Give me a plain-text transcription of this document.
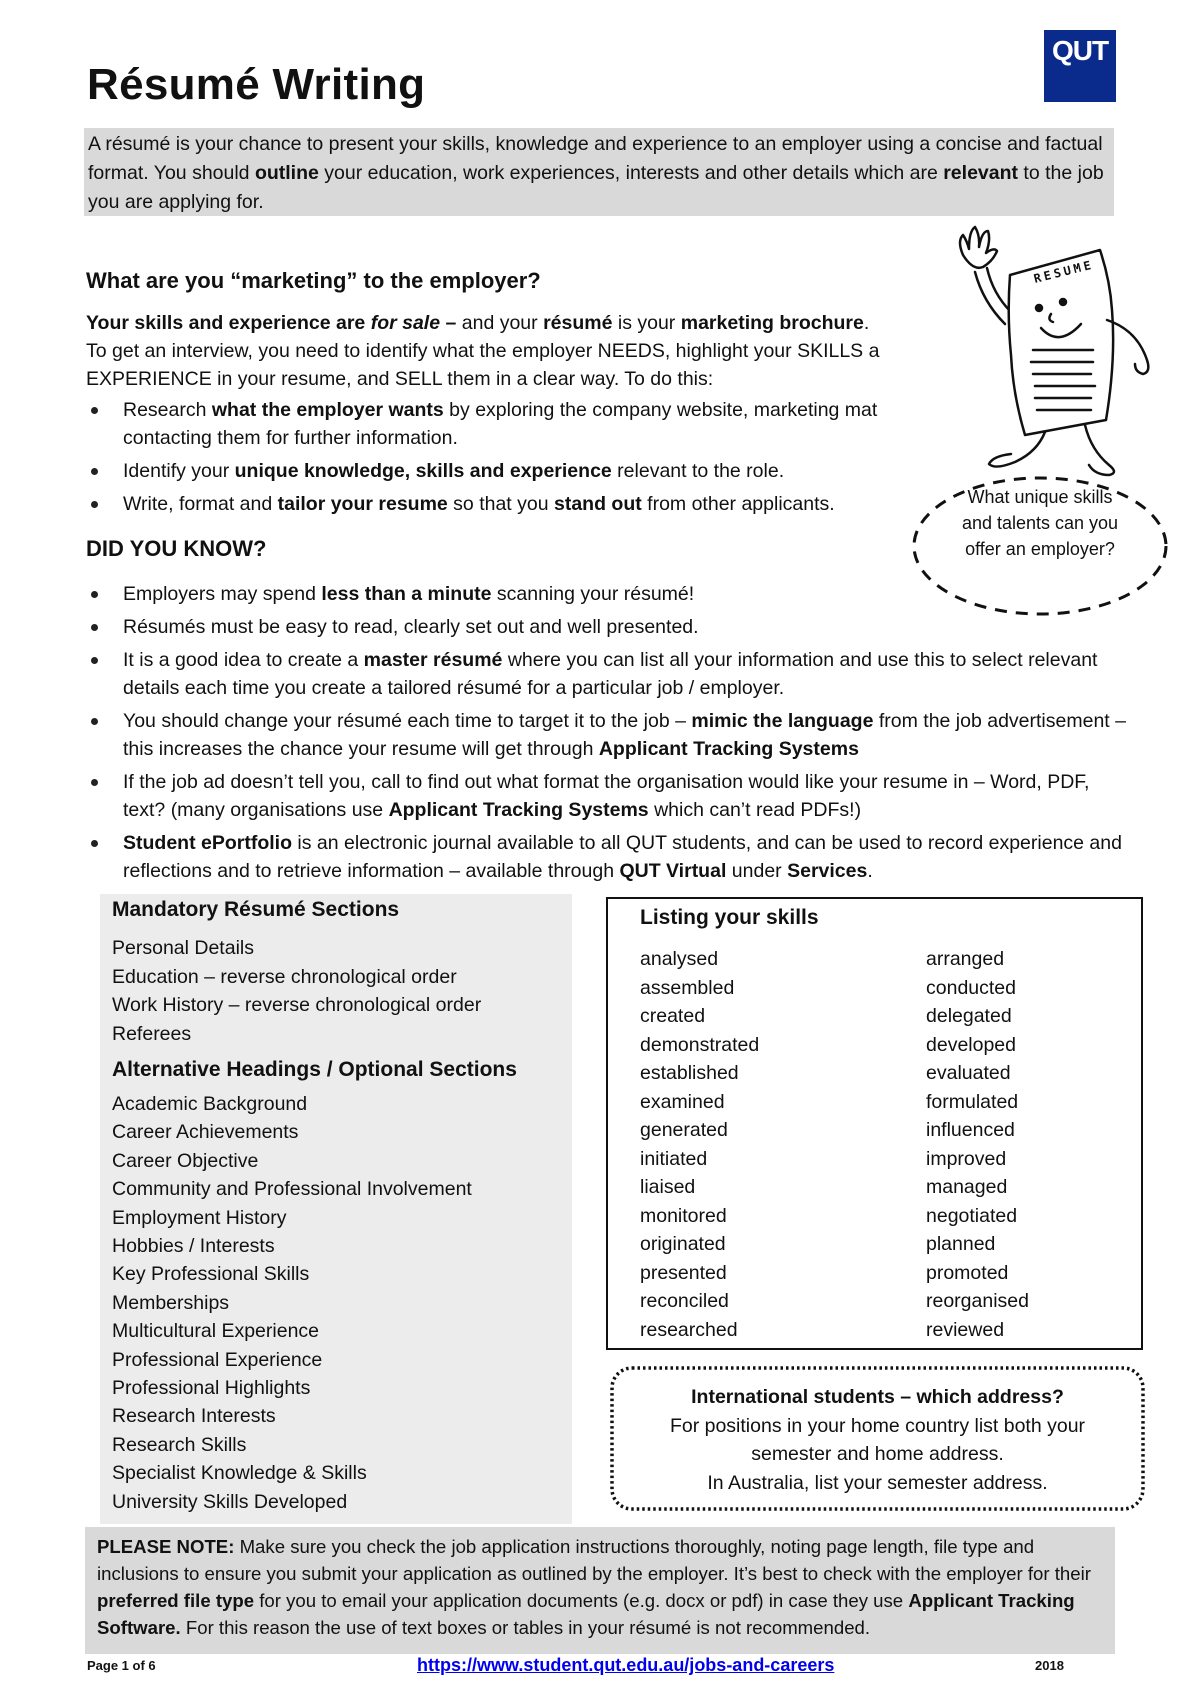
Résumé Writing
QUT
A résumé is your chance to present your skills, knowledge and experience to an employer using a concise and factual format. You should outline your education, work experiences, interests and other details which are relevant to the job you are applying for.
What are you “marketing” to the employer?
Your skills and experience are for sale – and your résumé is your marketing brochure.
To get an interview, you need to identify what the employer NEEDS, highlight your SKILLS a
EXPERIENCE in your resume, and SELL them in a clear way. To do this:
Research what the employer wants by exploring the company website, marketing mat
contacting them for further information.
Identify your unique knowledge, skills and experience relevant to the role.
Write, format and tailor your resume so that you stand out from other applicants.
RESUME
What unique skills and talents can you offer an employer?
DID YOU KNOW?
Employers may spend less than a minute scanning your résumé!
Résumés must be easy to read, clearly set out and well presented.
It is a good idea to create a master résumé where you can list all your information and use this to select relevant details each time you create a tailored résumé for a particular job / employer.
You should change your résumé each time to target it to the job – mimic the language from the job advertisement – this increases the chance your resume will get through Applicant Tracking Systems
If the job ad doesn’t tell you, call to find out what format the organisation would like your resume in – Word, PDF, text? (many organisations use Applicant Tracking Systems which can’t read PDFs!)
Student ePortfolio is an electronic journal available to all QUT students, and can be used to record experience and reflections and to retrieve information – available through QUT Virtual under Services.
Mandatory Résumé Sections
Personal Details
Education – reverse chronological order
Work History – reverse chronological order
Referees
Alternative Headings / Optional Sections
Academic Background
Career Achievements
Career Objective
Community and Professional Involvement
Employment History
Hobbies / Interests
Key Professional Skills
Memberships
Multicultural Experience
Professional Experience
Professional Highlights
Research Interests
Research Skills
Specialist Knowledge & Skills
University Skills Developed
Listing your skills
analysed
assembled
created
demonstrated
established
examined
generated
initiated
liaised
monitored
originated
presented
reconciled
researched
arranged
conducted
delegated
developed
evaluated
formulated
influenced
improved
managed
negotiated
planned
promoted
reorganised
reviewed
International students – which address?
For positions in your home country list both your
semester and home address.
In Australia, list your semester address.
PLEASE NOTE: Make sure you check the job application instructions thoroughly, noting page length, file type and inclusions to ensure you submit your application as outlined by the employer. It’s best to check with the employer for their preferred file type for you to email your application documents (e.g. docx or pdf) in case they use Applicant Tracking Software. For this reason the use of text boxes or tables in your résumé is not recommended.
Page 1 of 6	https://www.student.qut.edu.au/jobs-and-careers	2018
